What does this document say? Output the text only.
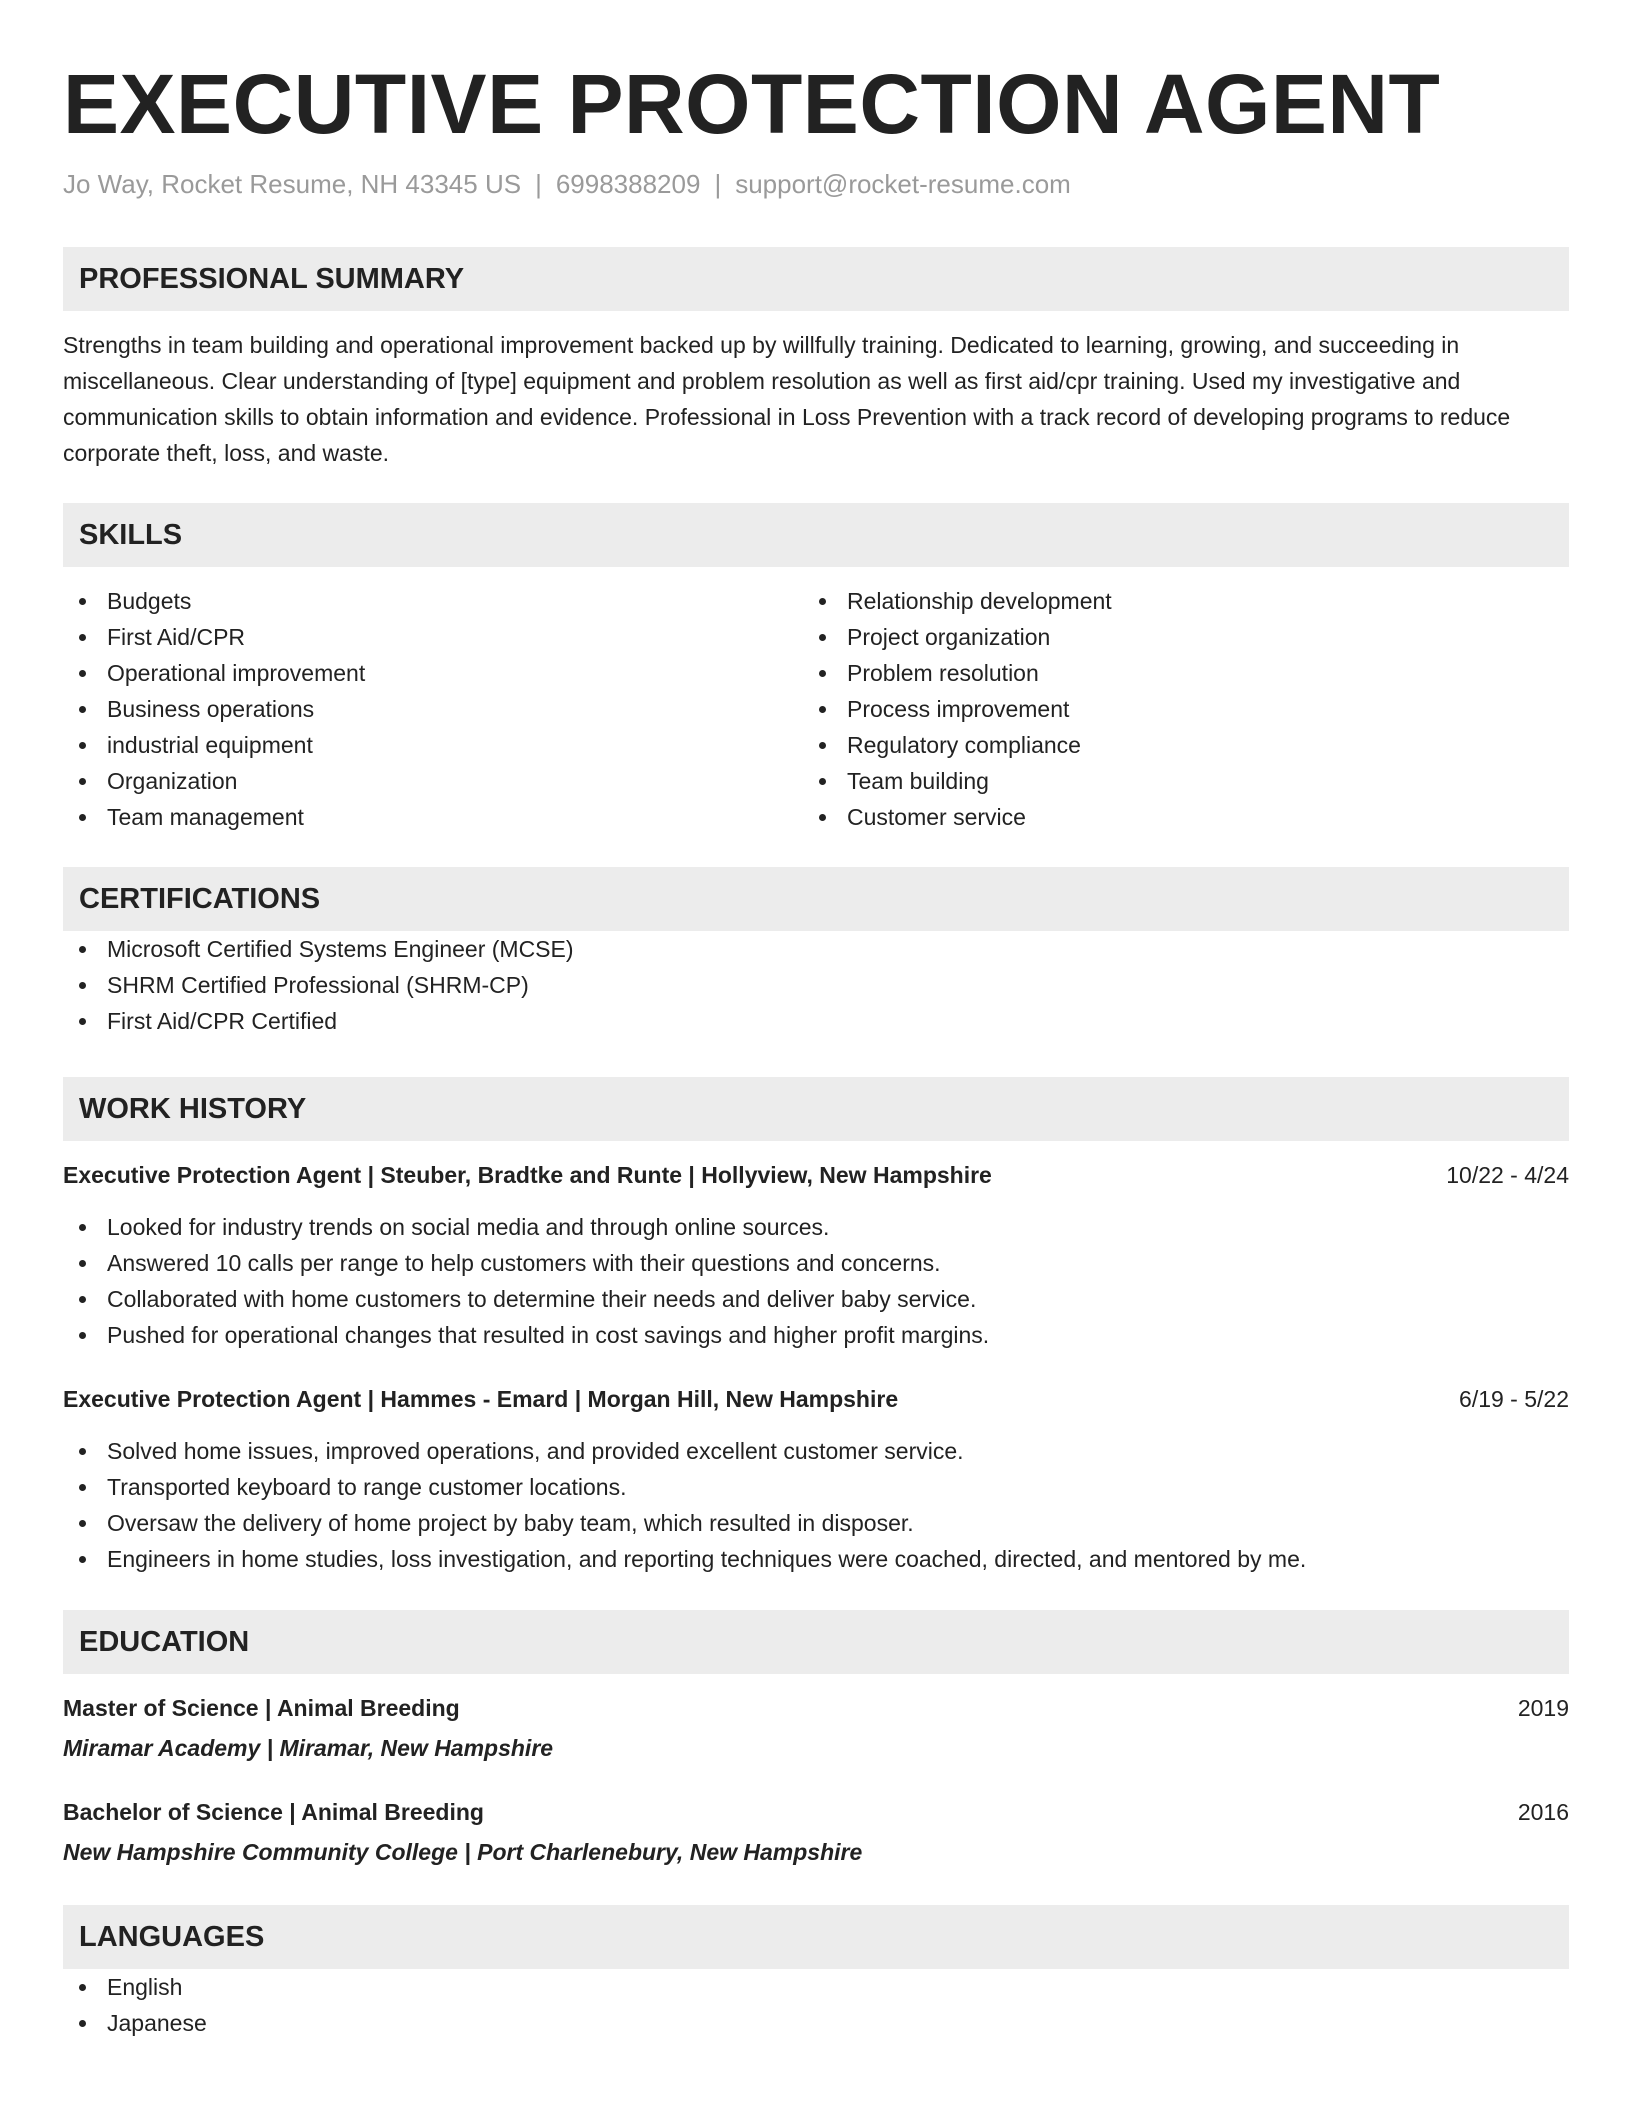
EXECUTIVE PROTECTION AGENT
Jo Way, Rocket Resume, NH 43345 US | 6998388209 | support@rocket-resume.com
PROFESSIONAL SUMMARY
Strengths in team building and operational improvement backed up by willfully training. Dedicated to learning, growing, and succeeding in miscellaneous. Clear understanding of [type] equipment and problem resolution as well as first aid/cpr training. Used my investigative and communication skills to obtain information and evidence. Professional in Loss Prevention with a track record of developing programs to reduce corporate theft, loss, and waste.
SKILLS
Budgets
First Aid/CPR
Operational improvement
Business operations
industrial equipment
Organization
Team management
Relationship development
Project organization
Problem resolution
Process improvement
Regulatory compliance
Team building
Customer service
CERTIFICATIONS
Microsoft Certified Systems Engineer (MCSE)
SHRM Certified Professional (SHRM-CP)
First Aid/CPR Certified
WORK HISTORY
Executive Protection Agent | Steuber, Bradtke and Runte | Hollyview, New Hampshire	10/22 - 4/24
Looked for industry trends on social media and through online sources.
Answered 10 calls per range to help customers with their questions and concerns.
Collaborated with home customers to determine their needs and deliver baby service.
Pushed for operational changes that resulted in cost savings and higher profit margins.
Executive Protection Agent | Hammes - Emard | Morgan Hill, New Hampshire	6/19 - 5/22
Solved home issues, improved operations, and provided excellent customer service.
Transported keyboard to range customer locations.
Oversaw the delivery of home project by baby team, which resulted in disposer.
Engineers in home studies, loss investigation, and reporting techniques were coached, directed, and mentored by me.
EDUCATION
Master of Science | Animal Breeding	2019
Miramar Academy | Miramar, New Hampshire
Bachelor of Science | Animal Breeding	2016
New Hampshire Community College | Port Charlenebury, New Hampshire
LANGUAGES
English
Japanese
